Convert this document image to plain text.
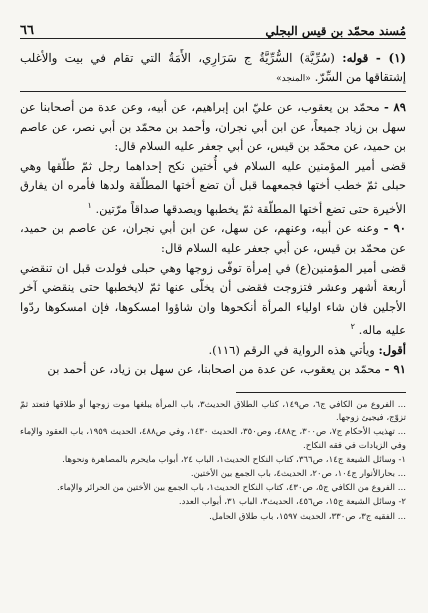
مُسند محمّد بن قيس البجلي
٦٦
(١) - قوله: (سُرِّيَّة) السُّرِّيَّةُ ج سَرَارِي، الأَمَةُ التي تقام في بيت والأغلب إشتقاقها من السِّرّ. «المنجد»

٨٩ - محمّد بن يعقوب، عن عليّ ابن إبراهيم، عن أبيه، وعن عدة من أصحابنا عن سهل بن زياد جميعاً، عن ابن أبي نجران، وأحمد بن محمّد بن أبي نصر، عن عاصم بن حميد، عن محمّد بن قيس، عن أبي جعفر عليه السلام قال:

قضى أمير المؤمنين عليه السلام في أُختين نكح إحداهما رجل ثمّ طلّقها وهي حبلى ثمّ خطب أختها فجمعهما قبل أن تضع أختها المطلّقة ولدها فأمره ان يفارق الأخيرة حتى تضع أختها المطلّقة ثمّ يخطبها ويصدقها صداقاً مرّتين. $^١$

٩٠ - وعنه عن أبيه، وعنهم، عن سهل، عن ابن أبي نجران، عن عاصم بن حميد، عن محمّد بن قيس، عن أبي جعفر عليه السلام قال:

قضى أمير المؤمنين(ع) في إمرأة توفّى زوجها وهي حبلى فولدت قبل ان تنقضي أربعة أشهر وعشر فتزوجت فقضى أن يخلّى عنها ثمّ لايخطبها حتى ينقضي آخر الأجلين فان شاء اولياء المرأة أنكحوها وان شاؤوا امسكوها، فإن امسكوها ردّوا عليه ماله. $^٢$

أقول: ويأتي هذه الرواية في الرقم (١١٦).

٩١ - محمّد بن يعقوب، عن عدة من اصحابنا، عن سهل بن زياد، عن أحمد بن

... الفروع من الكافي ج٦، ص١٤٩، كتاب الطلاق الحديث٣، باب المرأة يبلغها موت زوجها أو طلاقها فتعتد ثمّ تزوّج، فيجيئ زوجها.

... تهذيب الأحكام ج٧، ص٣٠٠، ح٤٨٨، وص٣٥٠، الحديث ١٤٣٠، وفي ص٤٨٨، الحديث ١٩٥٩، باب العقود والإماء وفي الزيادات في فقه النكاح.

١- وسائل الشيعة ج١٤، ص٣٦٦، كتاب النكاح الحديث١، الباب ٢٤، أبواب مايحرم بالمصاهرة ونحوها.

... بحارالأنوار ج١٠٤، ص٢٠، الحديث٤، باب الجمع بين الأختين.

... الفروع من الكافي ج٥، ص٤٣٠، كتاب النكاح الحديث١، باب الجمع بين الأختين من الحرائر والإماء.

٢- وسائل الشيعة ج١٥، ص٤٥٦، الحديث٣، الباب ٣١، أبواب العدد.

... الفقيه ج٣، ص٣٣٠، الحديث ١٥٩٧، باب طلاق الحامل.
